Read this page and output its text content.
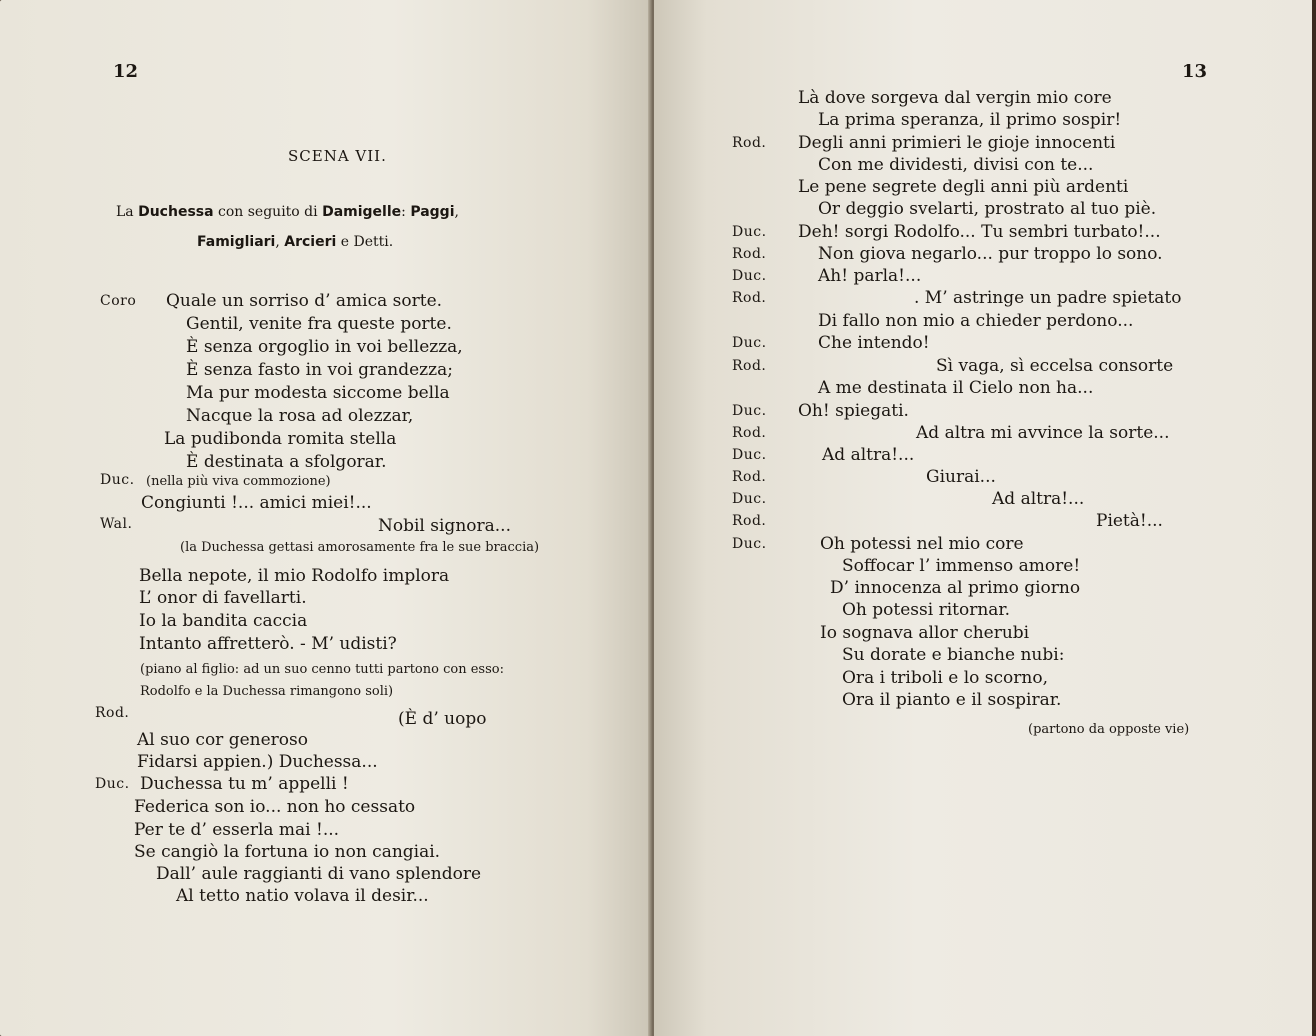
12
SCENA VII.
La Duchessa con seguito di Damigelle: Paggi,
Famigliari, Arcieri e Detti.
Coro Quale un sorriso d’ amica sorte.
Gentil, venite fra queste porte.
È senza orgoglio in voi bellezza,
È senza fasto in voi grandezza;
Ma pur modesta siccome bella
Nacque la rosa ad olezzar,
La pudibonda romita stella
È destinata a sfolgorar.
Duc. (nella più viva commozione)
Congiunti !... amici miei!...
Wal.	Nobil signora...
(la Duchessa gettasi amorosamente fra le sue braccia)
Bella nepote, il mio Rodolfo implora
L’ onor di favellarti.
Io la bandita caccia
Intanto affretterò. - M’ udisti?
(piano al figlio: ad un suo cenno tutti partono con esso:
Rodolfo e la Duchessa rimangono soli)
Rod.	(È d’ uopo
Al suo cor generoso
Fidarsi appien.) Duchessa...
Duc. Duchessa tu m’ appelli !
Federica son io... non ho cessato
Per te d’ esserla mai !...
Se cangiò la fortuna io non cangiai.
Dall’ aule raggianti di vano splendore
Al tetto natio volava il desir...
13
Là dove sorgeva dal vergin mio core
La prima speranza, il primo sospir!
Rod. Degli anni primieri le gioje innocenti
Con me dividesti, divisi con te...
Le pene segrete degli anni più ardenti
Or deggio svelarti, prostrato al tuo piè.
Duc. Deh! sorgi Rodolfo... Tu sembri turbato!...
Rod.	Non giova negarlo... pur troppo lo sono.
Duc.	Ah! parla!...
Rod.	. M’ astringe un padre spietato
Di fallo non mio a chieder perdono...
Duc.	Che intendo!
Rod.	Sì vaga, sì eccelsa consorte
A me destinata il Cielo non ha...
Duc. Oh! spiegati.
Rod.	Ad altra mi avvince la sorte...
Duc.	Ad altra!...
Rod.	Giurai...
Duc.	Ad altra!...
Rod.	Pietà!...
Duc.	Oh potessi nel mio core
Soffocar l’ immenso amore!
D’ innocenza al primo giorno
Oh potessi ritornar.
Io sognava allor cherubi
Su dorate e bianche nubi:
Ora i triboli e lo scorno,
Ora il pianto e il sospirar.
(partono da opposte vie)
